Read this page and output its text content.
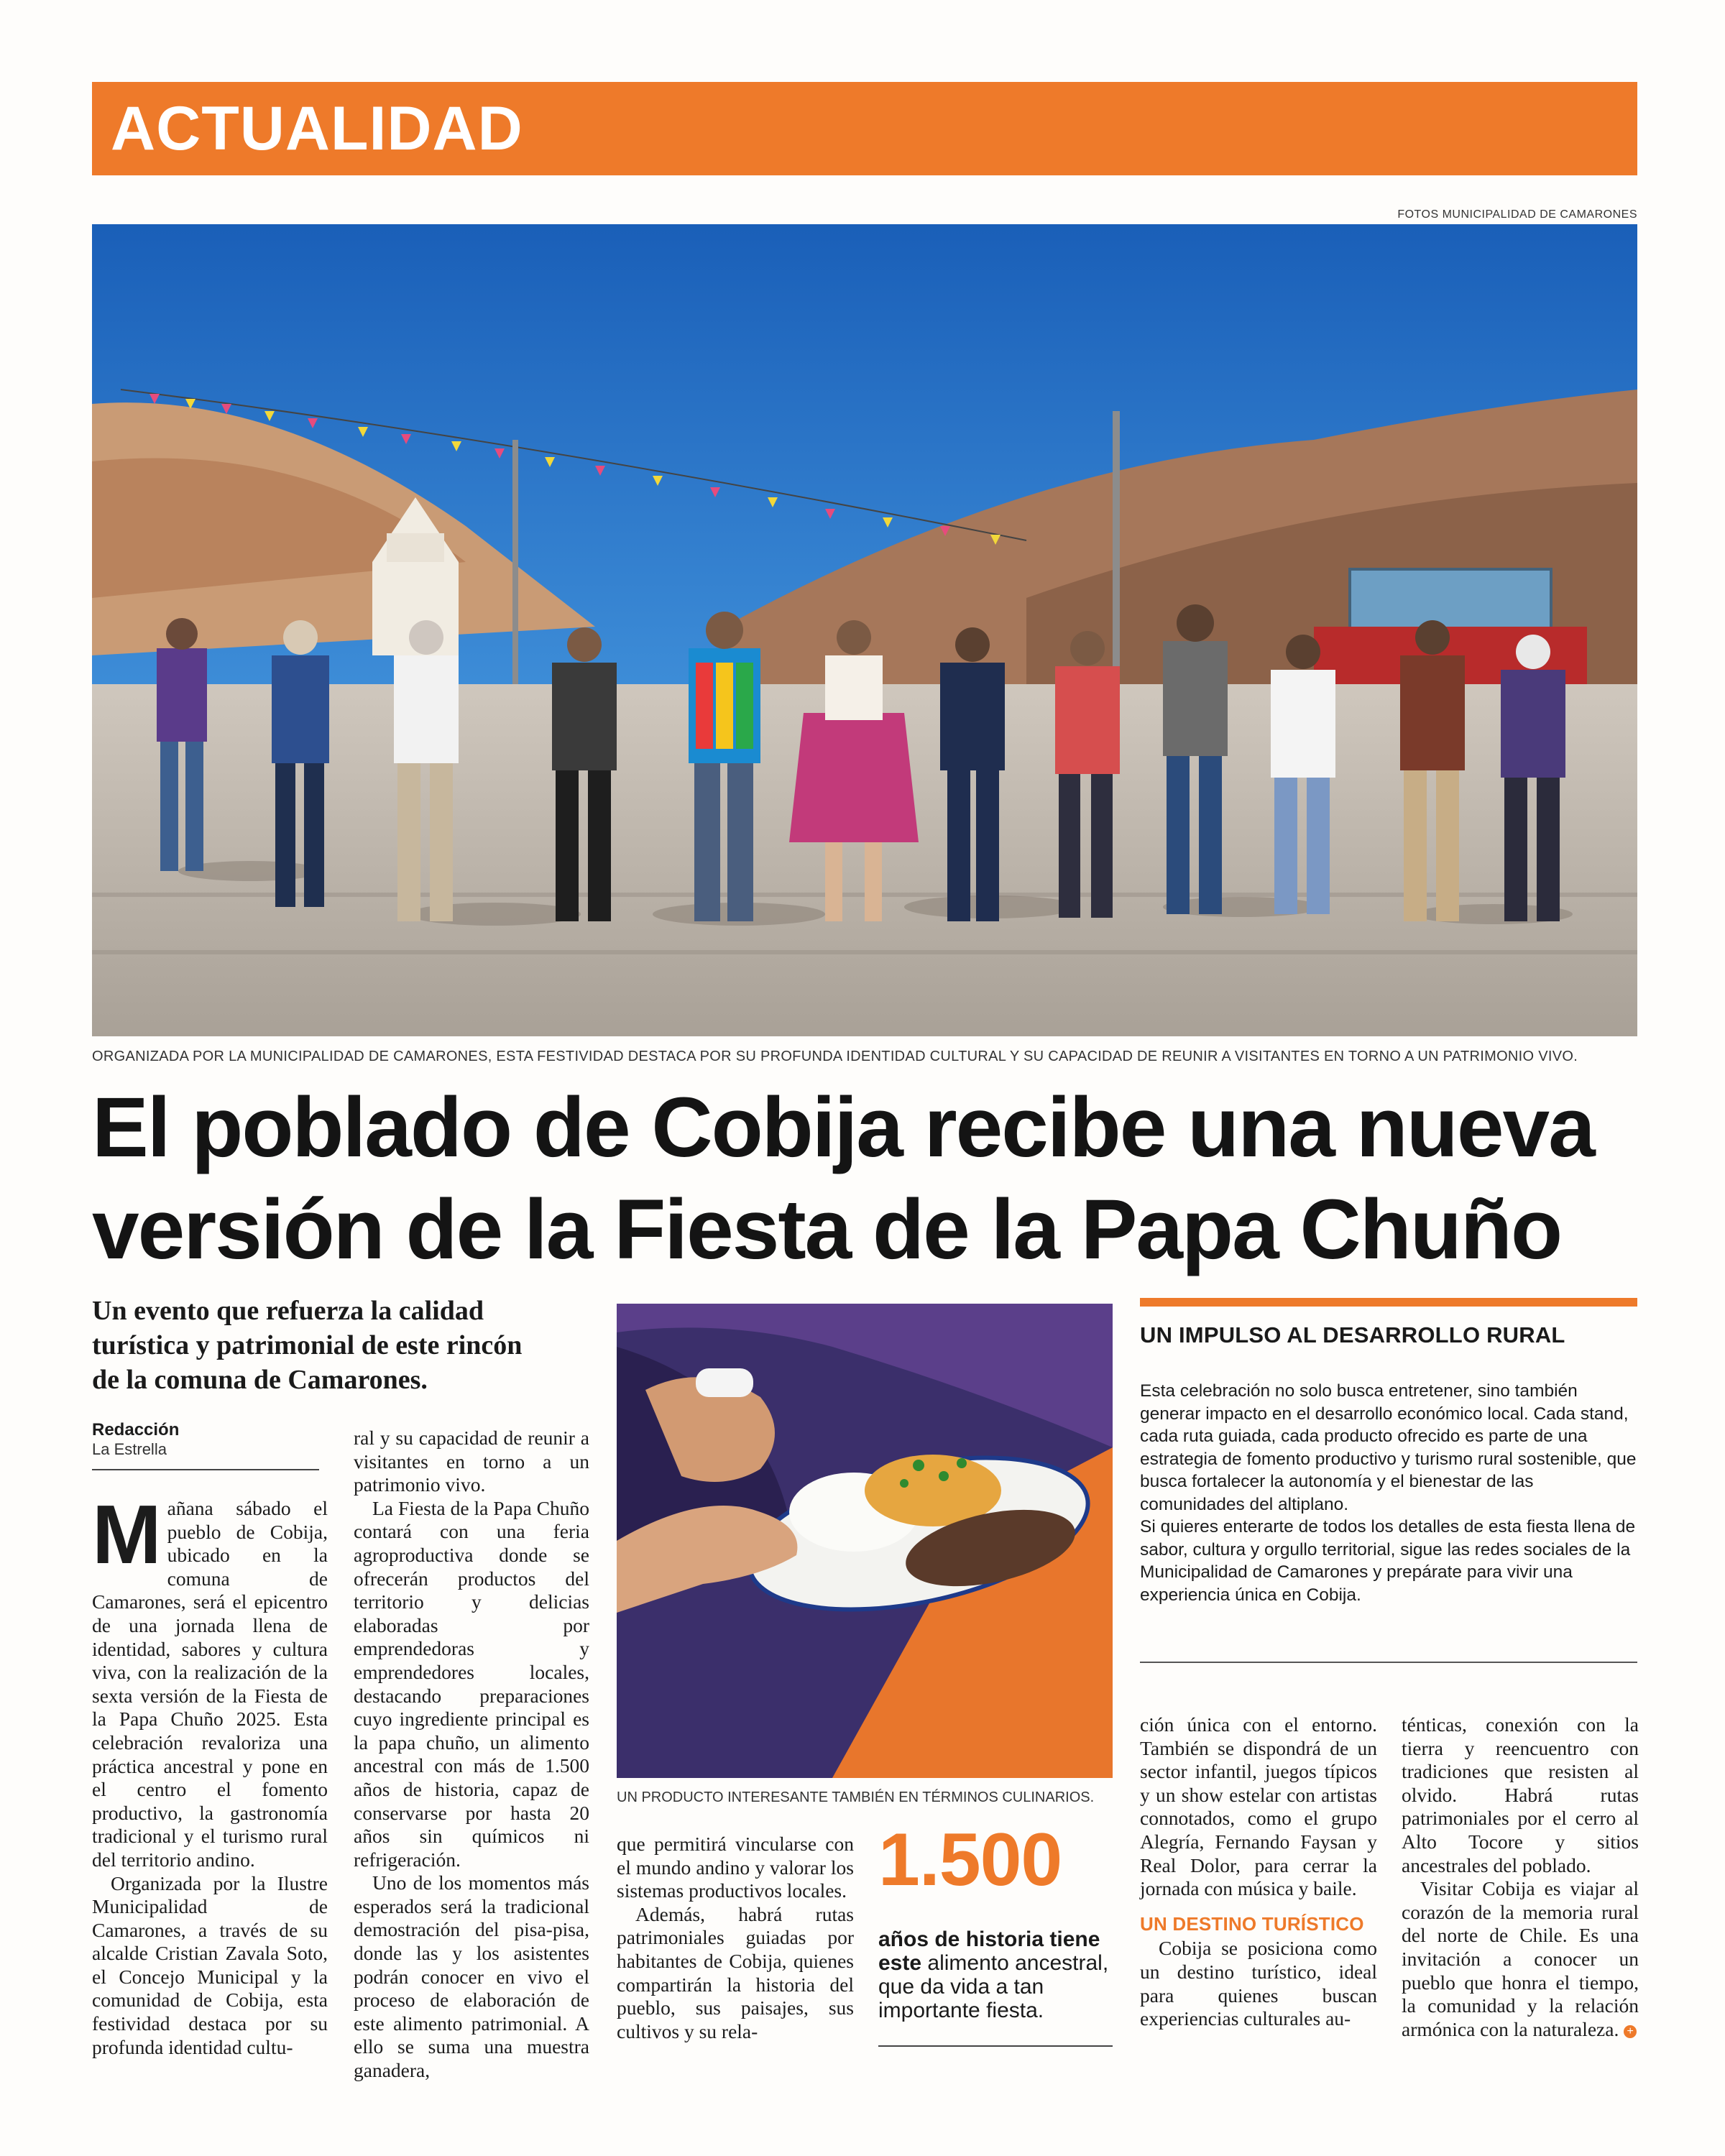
ACTUALIDAD
FOTOS MUNICIPALIDAD DE CAMARONES
ORGANIZADA POR LA MUNICIPALIDAD DE CAMARONES, ESTA FESTIVIDAD DESTACA POR SU PROFUNDA IDENTIDAD CULTURAL Y SU CAPACIDAD DE REUNIR A VISITANTES EN TORNO A UN PATRIMONIO VIVO.
El poblado de Cobija recibe una nueva
versión de la Fiesta de la Papa Chuño
Un evento que refuerza la calidad
turística y patrimonial de este rincón
de la comuna de Camarones.
Redacción
La Estrella

Mañana sábado el pueblo de Cobija, ubicado en la comuna de Camarones, será el epicentro de una jornada llena de identidad, sabores y cultura viva, con la realización de la sexta versión de la Fiesta de la Papa Chuño 2025. Esta celebración revaloriza una práctica ancestral y pone en el centro el fomento productivo, la gastronomía tradicional y el turismo rural del territorio andino.

Organizada por la Ilustre Municipalidad de Camarones, a través de su alcalde Cristian Zavala Soto, el Concejo Municipal y la comunidad de Cobija, esta festividad destaca por su profunda identidad cultu-

ral y su capacidad de reunir a visitantes en torno a un patrimonio vivo.

La Fiesta de la Papa Chuño contará con una feria agroproductiva donde se ofrecerán productos del territorio y delicias elaboradas por emprendedoras y emprendedores locales, destacando preparaciones cuyo ingrediente principal es la papa chuño, un alimento ancestral con más de 1.500 años de historia, capaz de conservarse por hasta 20 años sin químicos ni refrigeración.

Uno de los momentos más esperados será la tradicional demostración del pisa-pisa, donde las y los asistentes podrán conocer en vivo el proceso de elaboración de este alimento patrimonial. A ello se suma una muestra ganadera,

UN PRODUCTO INTERESANTE TAMBIÉN EN TÉRMINOS CULINARIOS.

que permitirá vincularse con el mundo andino y valorar los sistemas productivos locales.

Además, habrá rutas patrimoniales guiadas por habitantes de Cobija, quienes compartirán la historia del pueblo, sus paisajes, sus cultivos y su rela-

1.500
años de historia tiene este alimento ancestral, que da vida a tan importante fiesta.
UN IMPULSO AL DESARROLLO RURAL

Esta celebración no solo busca entretener, sino también generar impacto en el desarrollo económico local. Cada stand, cada ruta guiada, cada producto ofrecido es parte de una estrategia de fomento productivo y turismo rural sostenible, que busca fortalecer la autonomía y el bienestar de las comunidades del altiplano.

Si quieres enterarte de todos los detalles de esta fiesta llena de sabor, cultura y orgullo territorial, sigue las redes sociales de la Municipalidad de Camarones y prepárate para vivir una experiencia única en Cobija.

ción única con el entorno. También se dispondrá de un sector infantil, juegos típicos y un show estelar con artistas connotados, como el grupo Alegría, Fernando Faysan y Real Dolor, para cerrar la jornada con música y baile.

UN DESTINO TURÍSTICO

Cobija se posiciona como un destino turístico, ideal para quienes buscan experiencias culturales au-

ténticas, conexión con la tierra y reencuentro con tradiciones que resisten al olvido. Habrá rutas patrimoniales por el cerro al Alto Tocore y sitios ancestrales del poblado.

Visitar Cobija es viajar al corazón de la memoria rural del norte de Chile. Es una invitación a conocer un pueblo que honra el tiempo, la comunidad y la relación armónica con la naturaleza. +
